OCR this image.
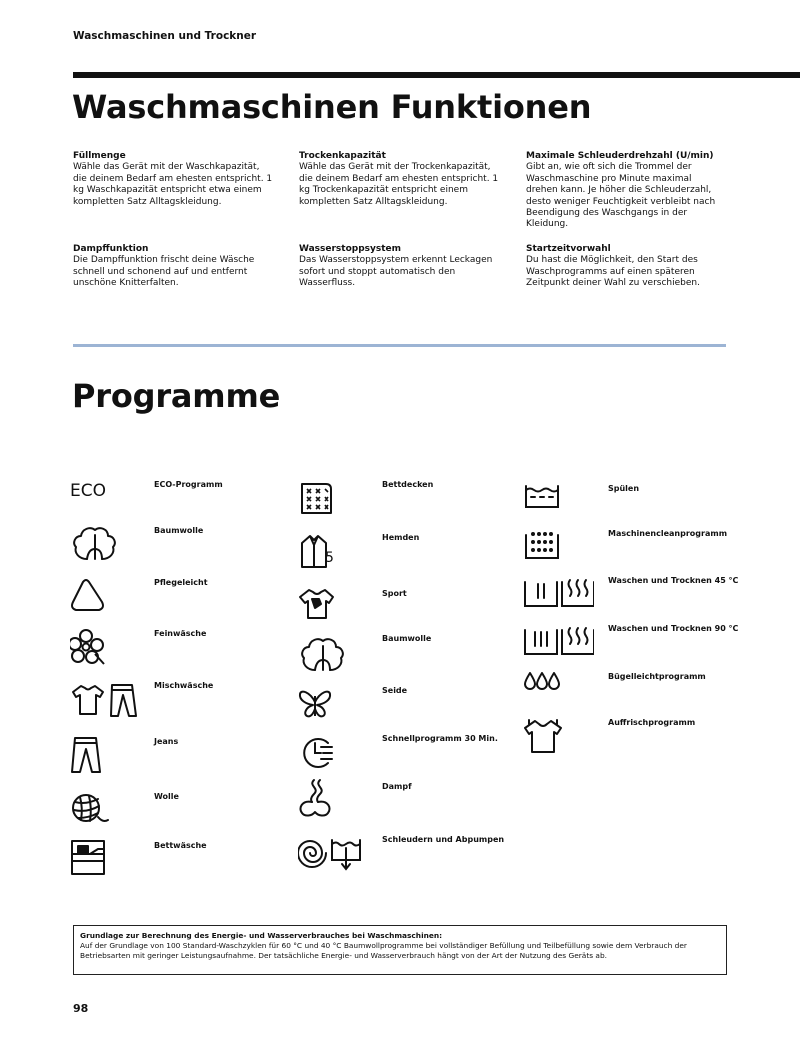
Waschmaschinen und Trockner
Waschmaschinen Funktionen
Füllmenge
Wähle das Gerät mit der Waschkapazität, die deinem Bedarf am ehesten entspricht. 1 kg Waschkapazität entspricht etwa einem kompletten Satz Alltagskleidung.
Trockenkapazität
Wähle das Gerät mit der Trockenkapazität, die deinem Bedarf am ehesten entspricht. 1 kg Trockenkapazität entspricht einem kompletten Satz Alltagskleidung.
Maximale Schleuderdrehzahl (U/min)
Gibt an, wie oft sich die Trommel der Waschmaschine pro Minute maximal drehen kann. Je höher die Schleuderzahl, desto weniger Feuchtigkeit verbleibt nach Beendigung des Waschgangs in der Kleidung.
Dampffunktion
Die Dampffunktion frischt deine Wäsche schnell und schonend auf und entfernt unschöne Knitterfalten.
Wasserstoppsystem
Das Wasserstoppsystem erkennt Leckagen sofort und stoppt automatisch den Wasserfluss.
Startzeitvorwahl
Du hast die Möglichkeit, den Start des Waschprogramms auf einen späteren Zeitpunkt deiner Wahl zu verschieben.
Programme
ECO	ECO-Programm
Baumwolle
Pflegeleicht
Feinwäsche
Mischwäsche
Jeans
Wolle
Bettwäsche
Bettdecken
5
Hemden
Sport
Baumwolle
Seide
Schnellprogramm 30 Min.
Dampf
Schleudern und Abpumpen
Spülen
Maschinencleanprogramm
Waschen und Trocknen 45 °C
Waschen und Trocknen 90 °C
Bügelleichtprogramm
Auffrischprogramm
Grundlage zur Berechnung des Energie- und Wasserverbrauches bei Waschmaschinen:
Auf der Grundlage von 100 Standard-Waschzyklen für 60 °C und 40 °C Baumwollprogramme bei vollständiger Befüllung und Teilbefüllung sowie dem Verbrauch der Betriebsarten mit geringer Leistungsaufnahme. Der tatsächliche Energie- und Wasserverbrauch hängt von der Art der Nutzung des Geräts ab.
98
